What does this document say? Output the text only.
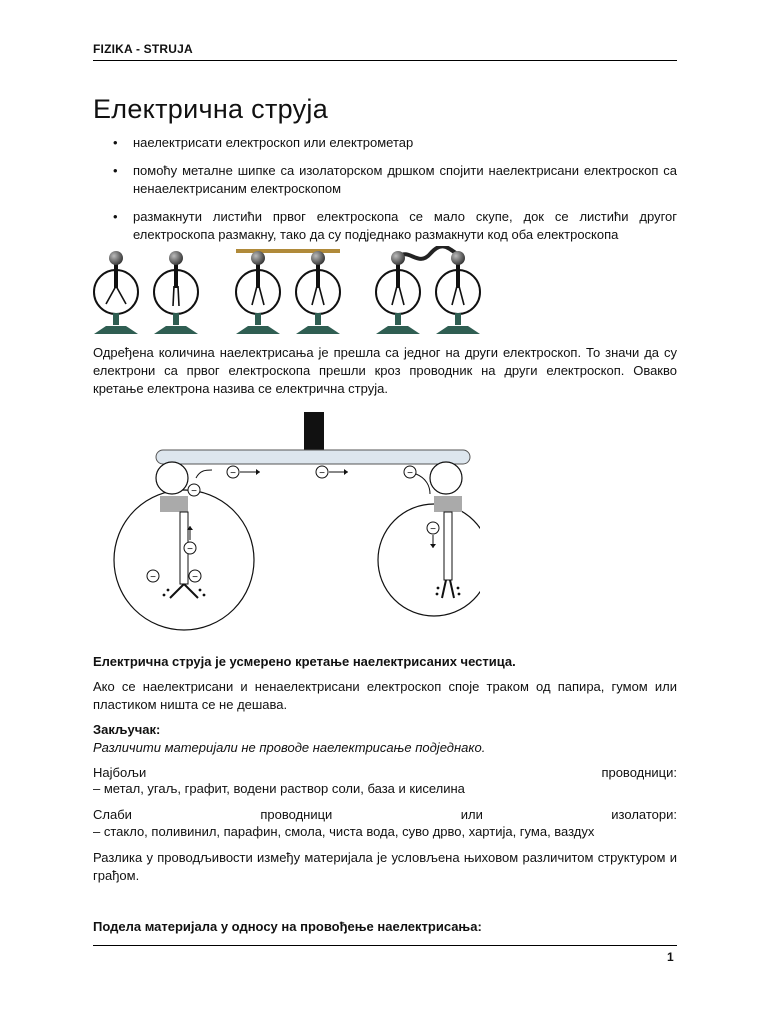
FIZIKA - STRUJA
Електрична струја
• наелектрисати електроскоп или електрометар
• помоћу металне шипке са изолаторском дршком спојити наелектрисани електроскоп са ненаелектрисаним електроскопом
• размакнути листићи првог електроскопа се мало скупе, док се листићи другог електроскопа размакну, тако да су подједнако размакнути код оба електроскопа

Одређена количина наелектрисања је прешла са једног на други електроскоп. То значи да су електрони са првог електроскопа прешли кроз проводник на други електроскоп. Овакво кретање електрона назива се електрична струја.

−	−	−
−
−
−	−
−

Електрична струја је усмерено кретање наелектрисаних честица.

Ако се наелектрисани и ненаелектрисани електроскоп споје траком од папира, гумом или пластиком ништа се не дешава.

Закључак:
Различити материјали не проводе наелектрисање подједнако.

Најбољи	проводници:
– метал, угаљ, графит, водени раствор соли, база и киселина
Слаби	проводници	или	изолатори:
– стакло, поливинил, парафин, смола, чиста вода, суво дрво, хартија, гума, ваздух

Разлика у проводљивости између материјала је условљена њиховом различитом структуром и грађом.

Подела материјала у односу на провођење наелектрисања:

1
